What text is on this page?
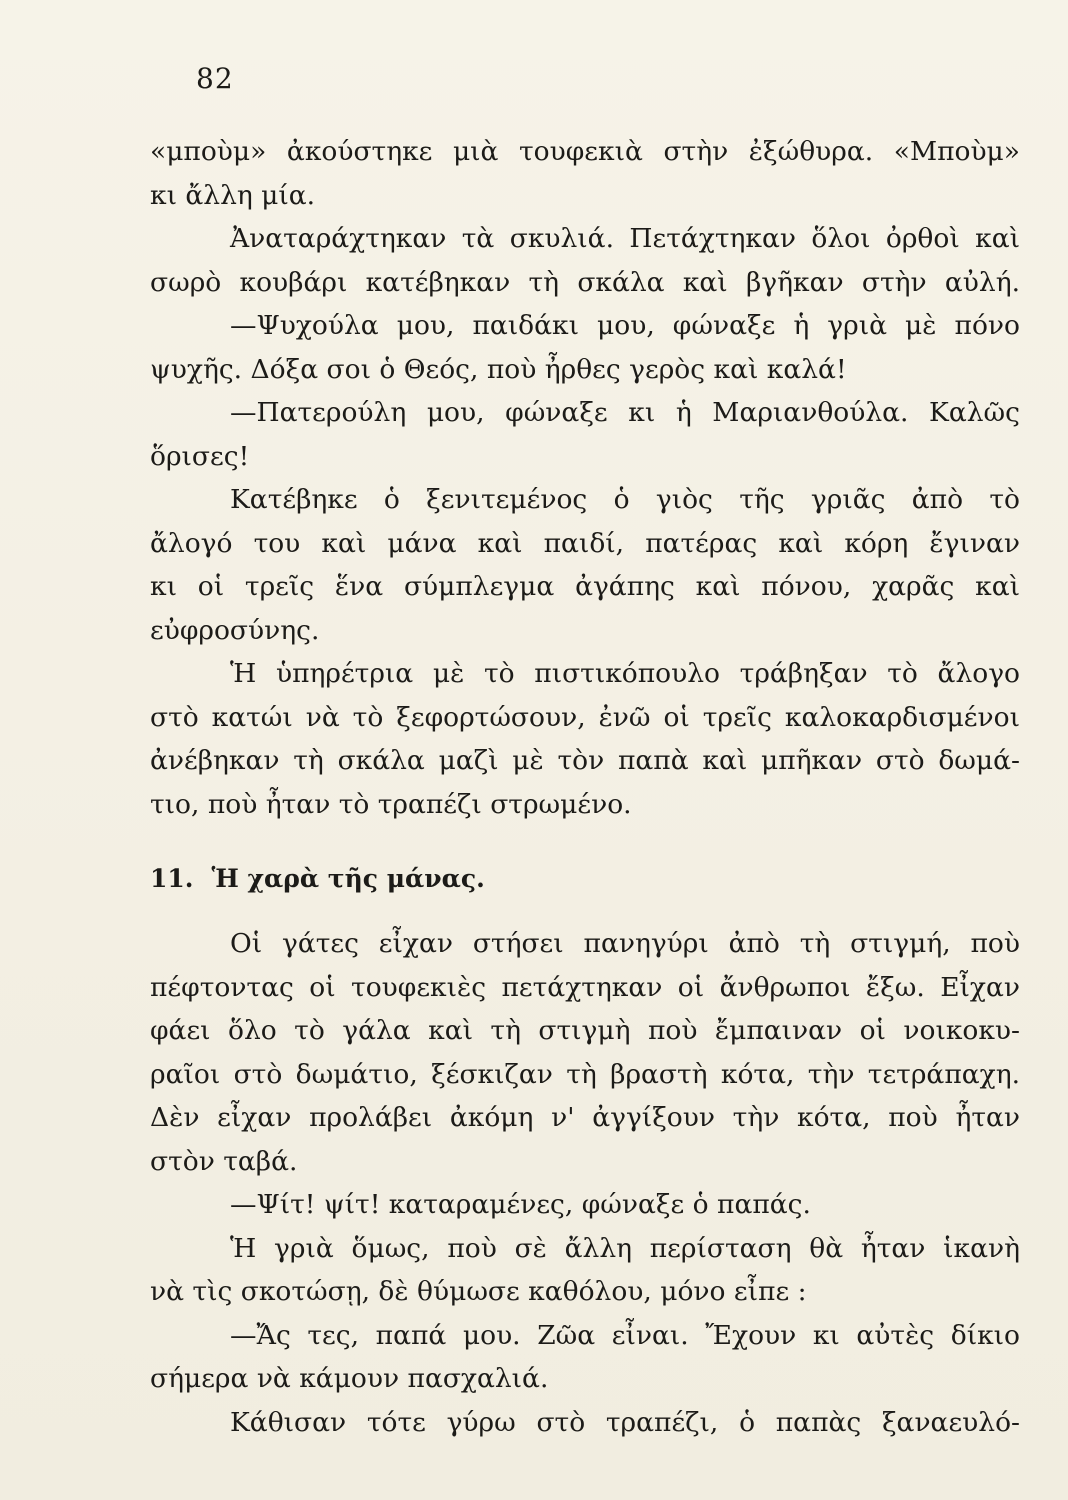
82
«μποὺμ» ἀκούστηκε μιὰ τουφεκιὰ στὴν ἐξώθυρα. «Μποὺμ»
κι ἄλλη μία.
Ἀναταράχτηκαν τὰ σκυλιά. Πετάχτηκαν ὅλοι ὀρθοὶ καὶ
σωρὸ κουβάρι κατέβηκαν τὴ σκάλα καὶ βγῆκαν στὴν αὐλή.
—Ψυχούλα μου, παιδάκι μου, φώναξε ἡ γριὰ μὲ πόνο
ψυχῆς. Δόξα σοι ὁ Θεός, ποὺ ἦρθες γερὸς καὶ καλά!
—Πατερούλη μου, φώναξε κι ἡ Μαριανθούλα. Καλῶς
ὅρισες!
Κατέβηκε ὁ ξενιτεμένος ὁ γιὸς τῆς γριᾶς ἀπὸ τὸ
ἄλογό του καὶ μάνα καὶ παιδί, πατέρας καὶ κόρη ἔγιναν
κι οἱ τρεῖς ἕνα σύμπλεγμα ἀγάπης καὶ πόνου, χαρᾶς καὶ
εὐφροσύνης.
Ἡ ὑπηρέτρια μὲ τὸ πιστικόπουλο τράβηξαν τὸ ἄλογο
στὸ κατώι νὰ τὸ ξεφορτώσουν, ἐνῶ οἱ τρεῖς καλοκαρδισμένοι
ἀνέβηκαν τὴ σκάλα μαζὶ μὲ τὸν παπὰ καὶ μπῆκαν στὸ δωμά-
τιο, ποὺ ἦταν τὸ τραπέζι στρωμένο.
11. Ἡ χαρὰ τῆς μάνας.
Οἱ γάτες εἶχαν στήσει πανηγύρι ἀπὸ τὴ στιγμή, ποὺ
πέφτοντας οἱ τουφεκιὲς πετάχτηκαν οἱ ἄνθρωποι ἔξω. Εἶχαν
φάει ὅλο τὸ γάλα καὶ τὴ στιγμὴ ποὺ ἔμπαιναν οἱ νοικοκυ-
ραῖοι στὸ δωμάτιο, ξέσκιζαν τὴ βραστὴ κότα, τὴν τετράπαχη.
Δὲν εἶχαν προλάβει ἀκόμη ν' ἀγγίξουν τὴν κότα, ποὺ ἦταν
στὸν ταβά.
—Ψίτ! ψίτ! καταραμένες, φώναξε ὁ παπάς.
Ἡ γριὰ ὅμως, ποὺ σὲ ἄλλη περίσταση θὰ ἦταν ἱκανὴ
νὰ τὶς σκοτώσῃ, δὲ θύμωσε καθόλου, μόνο εἶπε :
—Ἄς τες, παπά μου. Ζῶα εἶναι. Ἔχουν κι αὐτὲς δίκιο
σήμερα νὰ κάμουν πασχαλιά.
Κάθισαν τότε γύρω στὸ τραπέζι, ὁ παπὰς ξαναευλό-
